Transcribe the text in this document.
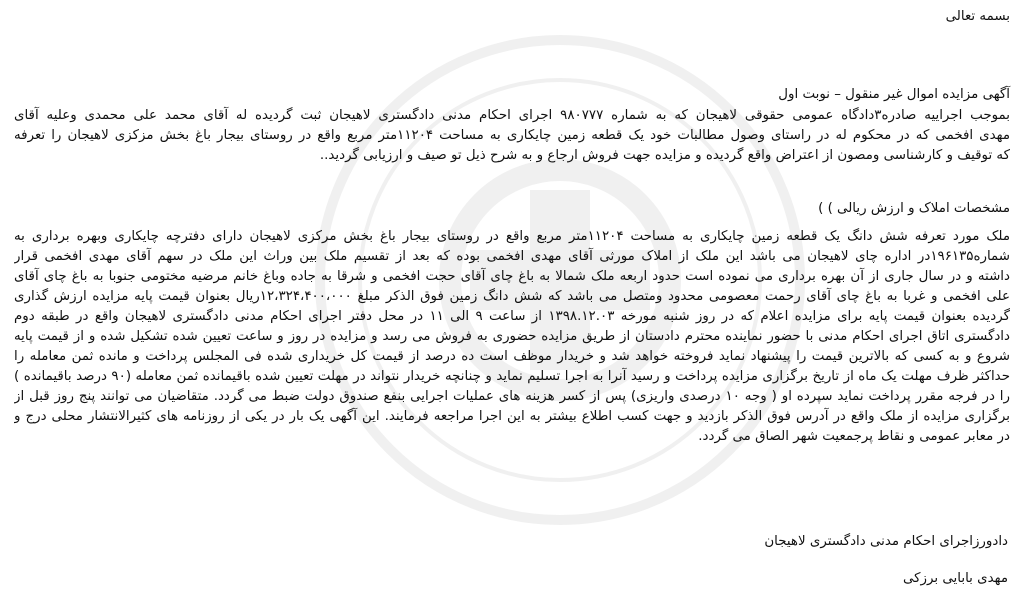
بسمه تعالی
آگهی مزایده اموال غیر منقول – نوبت اول
بموجب اجراییه صادره۳دادگاه عمومی حقوقی لاهیجان که به شماره ۹۸۰۷۷۷ اجرای احکام مدنی دادگستری لاهیجان ثبت گردیده له آقای محمد علی محمدی وعلیه آقای
مهدی افخمی که در محکوم له در راستای وصول مطالبات خود یک قطعه زمین چایکاری به مساحت ۱۱۲۰۴متر مربع واقع در روستای بیجار باغ بخش مزکزی لاهیجان را تعرفه
که توقیف و کارشناسی ومصون از اعتراض واقع گردیده و مزایده جهت فروش ارجاع و به شرح ذیل تو صیف و ارزیابی گردید..
مشخصات املاک و ارزش ریالی ) )
ملک مورد تعرفه شش دانگ یک قطعه زمین چایکاری به مساحت ۱۱۲۰۴متر مربع واقع در روستای بیجار باغ بخش مرکزی لاهیجان دارای دفترچه چایکاری وبهره برداری به
شماره۱۹۶۱۳۵در اداره چای لاهیجان می باشد این ملک از املاک مورثی آقای مهدی افخمی بوده که بعد از تقسیم ملک بین وراث این ملک در سهم آقای مهدی افخمی قرار
داشته و در سال جاری از آن بهره برداری می نموده است حدود اربعه ملک شمالا به باغ چای آقای حجت افخمی و شرقا به جاده وباغ خانم مرضیه مختومی جنوبا به باغ چای آقای
علی افخمی و غربا به باغ چای آقای رحمت معصومی محدود ومتصل می باشد که شش دانگ زمین فوق الذکر مبلغ ۱۲،۳۲۴،۴۰۰،۰۰۰ریال بعنوان قیمت پایه مزایده ارزش گذاری
گردیده بعنوان قیمت پایه برای مزایده اعلام که در روز شنبه مورخه ۱۳۹۸.۱۲.۰۳ از ساعت ۹ الی ۱۱ در محل دفتر اجرای احکام مدنی دادگستری لاهیجان واقع در طبقه دوم
دادگستری اتاق اجرای احکام مدنی با حضور نماینده محترم دادستان از طریق مزایده حضوری به فروش می رسد و مزایده در روز و ساعت تعیین شده تشکیل شده و از قیمت پایه
شروع و به کسی که بالاترین قیمت را پیشنهاد نماید فروخته خواهد شد و خریدار موظف است ده درصد از قیمت کل خریداری شده فی المجلس پرداخت و مانده ثمن معامله را
حداکثر ظرف مهلت یک ماه از تاریخ برگزاری مزایده پرداخت و رسید آنرا به اجرا تسلیم نماید و چنانچه خریدار نتواند در مهلت تعیین شده باقیمانده ثمن معامله (۹۰ درصد باقیمانده )
را در فرجه مقرر پرداخت نماید سپرده او ( وجه ۱۰ درصدی واریزی) پس از کسر هزینه های عملیات اجرایی بنفع صندوق دولت ضبط می گردد. متقاضیان می توانند پنج روز قبل از
برگزاری مزایده از ملک واقع در آدرس فوق الذکر بازدید و جهت کسب اطلاع بیشتر به این اجرا مراجعه فرمایند. این آگهی یک بار در یکی از روزنامه های کثیرالانتشار محلی درج و
در معابر عمومی و نقاط پرجمعیت شهر الصاق می گردد.
دادورزاجرای احکام مدنی دادگستری لاهیجان
مهدی بابایی برزکی
